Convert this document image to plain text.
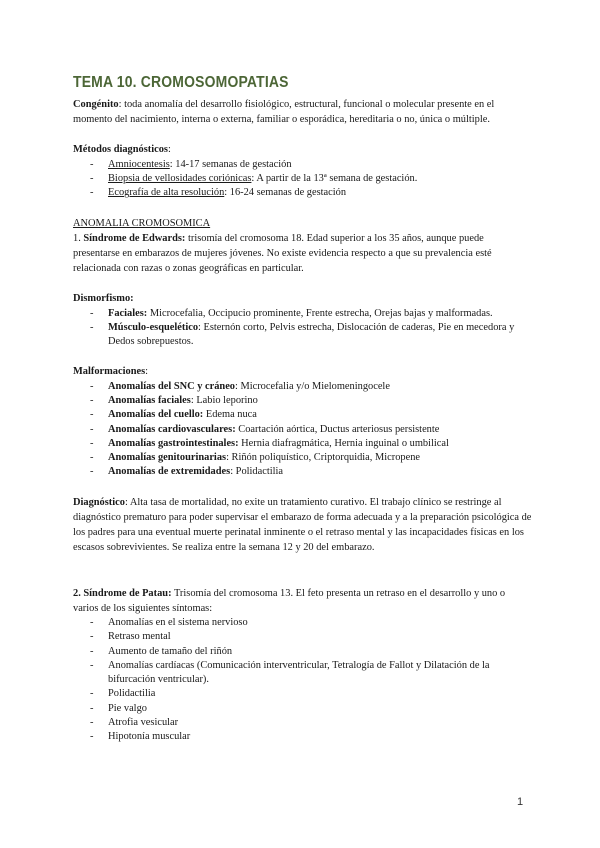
TEMA 10. CROMOSOMOPATIAS

Congénito: toda anomalía del desarrollo fisiológico, estructural, funcional o molecular presente en el momento del nacimiento, interna o externa, familiar o esporádica, hereditaria o no, única o múltiple.

Métodos diagnósticos:

- Amniocentesis: 14-17 semanas de gestación
- Biopsia de vellosidades coriónicas: A partir de la 13ª semana de gestación.
- Ecografía de alta resolución: 16-24 semanas de gestación

ANOMALIA CROMOSOMICA

1. Síndrome de Edwards: trisomía del cromosoma 18. Edad superior a los 35 años, aunque puede presentarse en embarazos de mujeres jóvenes. No existe evidencia respecto a que su prevalencia esté relacionada con razas o zonas geográficas en particular.

Dismorfismo:

- Faciales: Microcefalia, Occipucio prominente, Frente estrecha, Orejas bajas y malformadas.
- Músculo-esquelético: Esternón corto, Pelvis estrecha, Dislocación de caderas, Pie en mecedora y Dedos sobrepuestos.

Malformaciones:

- Anomalías del SNC y cráneo: Microcefalia y/o Mielomeningocele
- Anomalías faciales: Labio leporino
- Anomalías del cuello: Edema nuca
- Anomalías cardiovasculares: Coartación aórtica, Ductus arteriosus persistente
- Anomalías gastrointestinales: Hernia diafragmática, Hernia inguinal o umbilical
- Anomalías genitourinarias: Riñón poliquístico, Criptorquidia, Micropene
- Anomalías de extremidades: Polidactilia

Diagnóstico: Alta tasa de mortalidad, no exite un tratamiento curativo. El trabajo clínico se restringe al diagnóstico prematuro para poder supervisar el embarazo de forma adecuada y a la preparación psicológica de los padres para una eventual muerte perinatal inminente o el retraso mental y las incapacidades físicas en los escasos sobrevivientes. Se realiza entre la semana 12 y 20 del embarazo.

2. Síndrome de Patau: Trisomía del cromosoma 13. El feto presenta un retraso en el desarrollo y uno o varios de los siguientes síntomas:

- Anomalías en el sistema nervioso
- Retraso mental
- Aumento de tamaño del riñón
- Anomalías cardíacas (Comunicación interventricular, Tetralogía de Fallot y Dilatación de la bifurcación ventricular).
- Polidactilia
- Pie valgo
- Atrofia vesicular
- Hipotonía muscular
1
